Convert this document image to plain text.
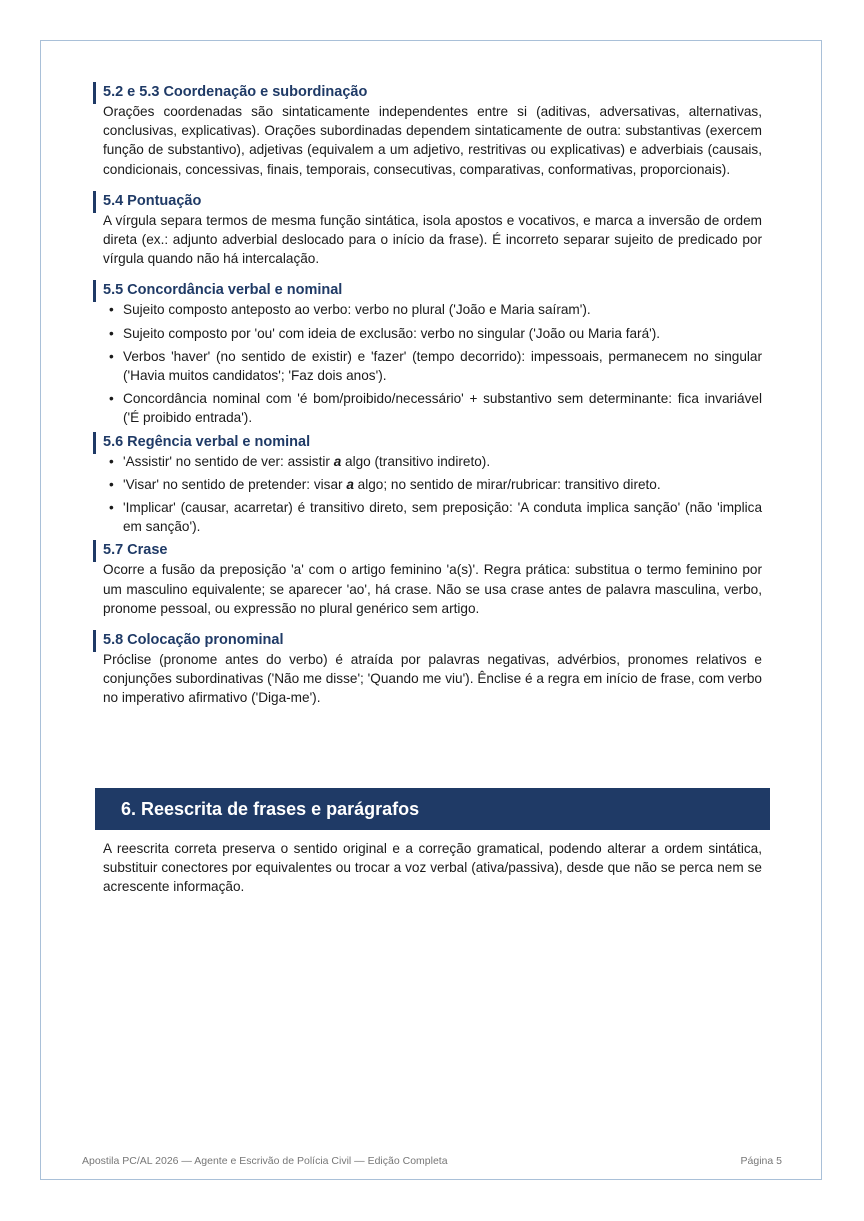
5.2 e 5.3 Coordenação e subordinação

Orações coordenadas são sintaticamente independentes entre si (aditivas, adversativas, alternativas, conclusivas, explicativas). Orações subordinadas dependem sintaticamente de outra: substantivas (exercem função de substantivo), adjetivas (equivalem a um adjetivo, restritivas ou explicativas) e adverbiais (causais, condicionais, concessivas, finais, temporais, consecutivas, comparativas, conformativas, proporcionais).

5.4 Pontuação

A vírgula separa termos de mesma função sintática, isola apostos e vocativos, e marca a inversão de ordem direta (ex.: adjunto adverbial deslocado para o início da frase). É incorreto separar sujeito de predicado por vírgula quando não há intercalação.

5.5 Concordância verbal e nominal
• Sujeito composto anteposto ao verbo: verbo no plural ('João e Maria saíram').
• Sujeito composto por 'ou' com ideia de exclusão: verbo no singular ('João ou Maria fará').
• Verbos 'haver' (no sentido de existir) e 'fazer' (tempo decorrido): impessoais, permanecem no singular ('Havia muitos candidatos'; 'Faz dois anos').
• Concordância nominal com 'é bom/proibido/necessário' + substantivo sem determinante: fica invariável ('É proibido entrada').
5.6 Regência verbal e nominal
• 'Assistir' no sentido de ver: assistir a algo (transitivo indireto).
• 'Visar' no sentido de pretender: visar a algo; no sentido de mirar/rubricar: transitivo direto.
• 'Implicar' (causar, acarretar) é transitivo direto, sem preposição: 'A conduta implica sanção' (não 'implica em sanção').
5.7 Crase

Ocorre a fusão da preposição 'a' com o artigo feminino 'a(s)'. Regra prática: substitua o termo feminino por um masculino equivalente; se aparecer 'ao', há crase. Não se usa crase antes de palavra masculina, verbo, pronome pessoal, ou expressão no plural genérico sem artigo.

5.8 Colocação pronominal

Próclise (pronome antes do verbo) é atraída por palavras negativas, advérbios, pronomes relativos e conjunções subordinativas ('Não me disse'; 'Quando me viu'). Ênclise é a regra em início de frase, com verbo no imperativo afirmativo ('Diga-me').

6. Reescrita de frases e parágrafos

A reescrita correta preserva o sentido original e a correção gramatical, podendo alterar a ordem sintática, substituir conectores por equivalentes ou trocar a voz verbal (ativa/passiva), desde que não se perca nem se acrescente informação.

Apostila PC/AL 2026 — Agente e Escrivão de Polícia Civil — Edição Completa	Página 5
